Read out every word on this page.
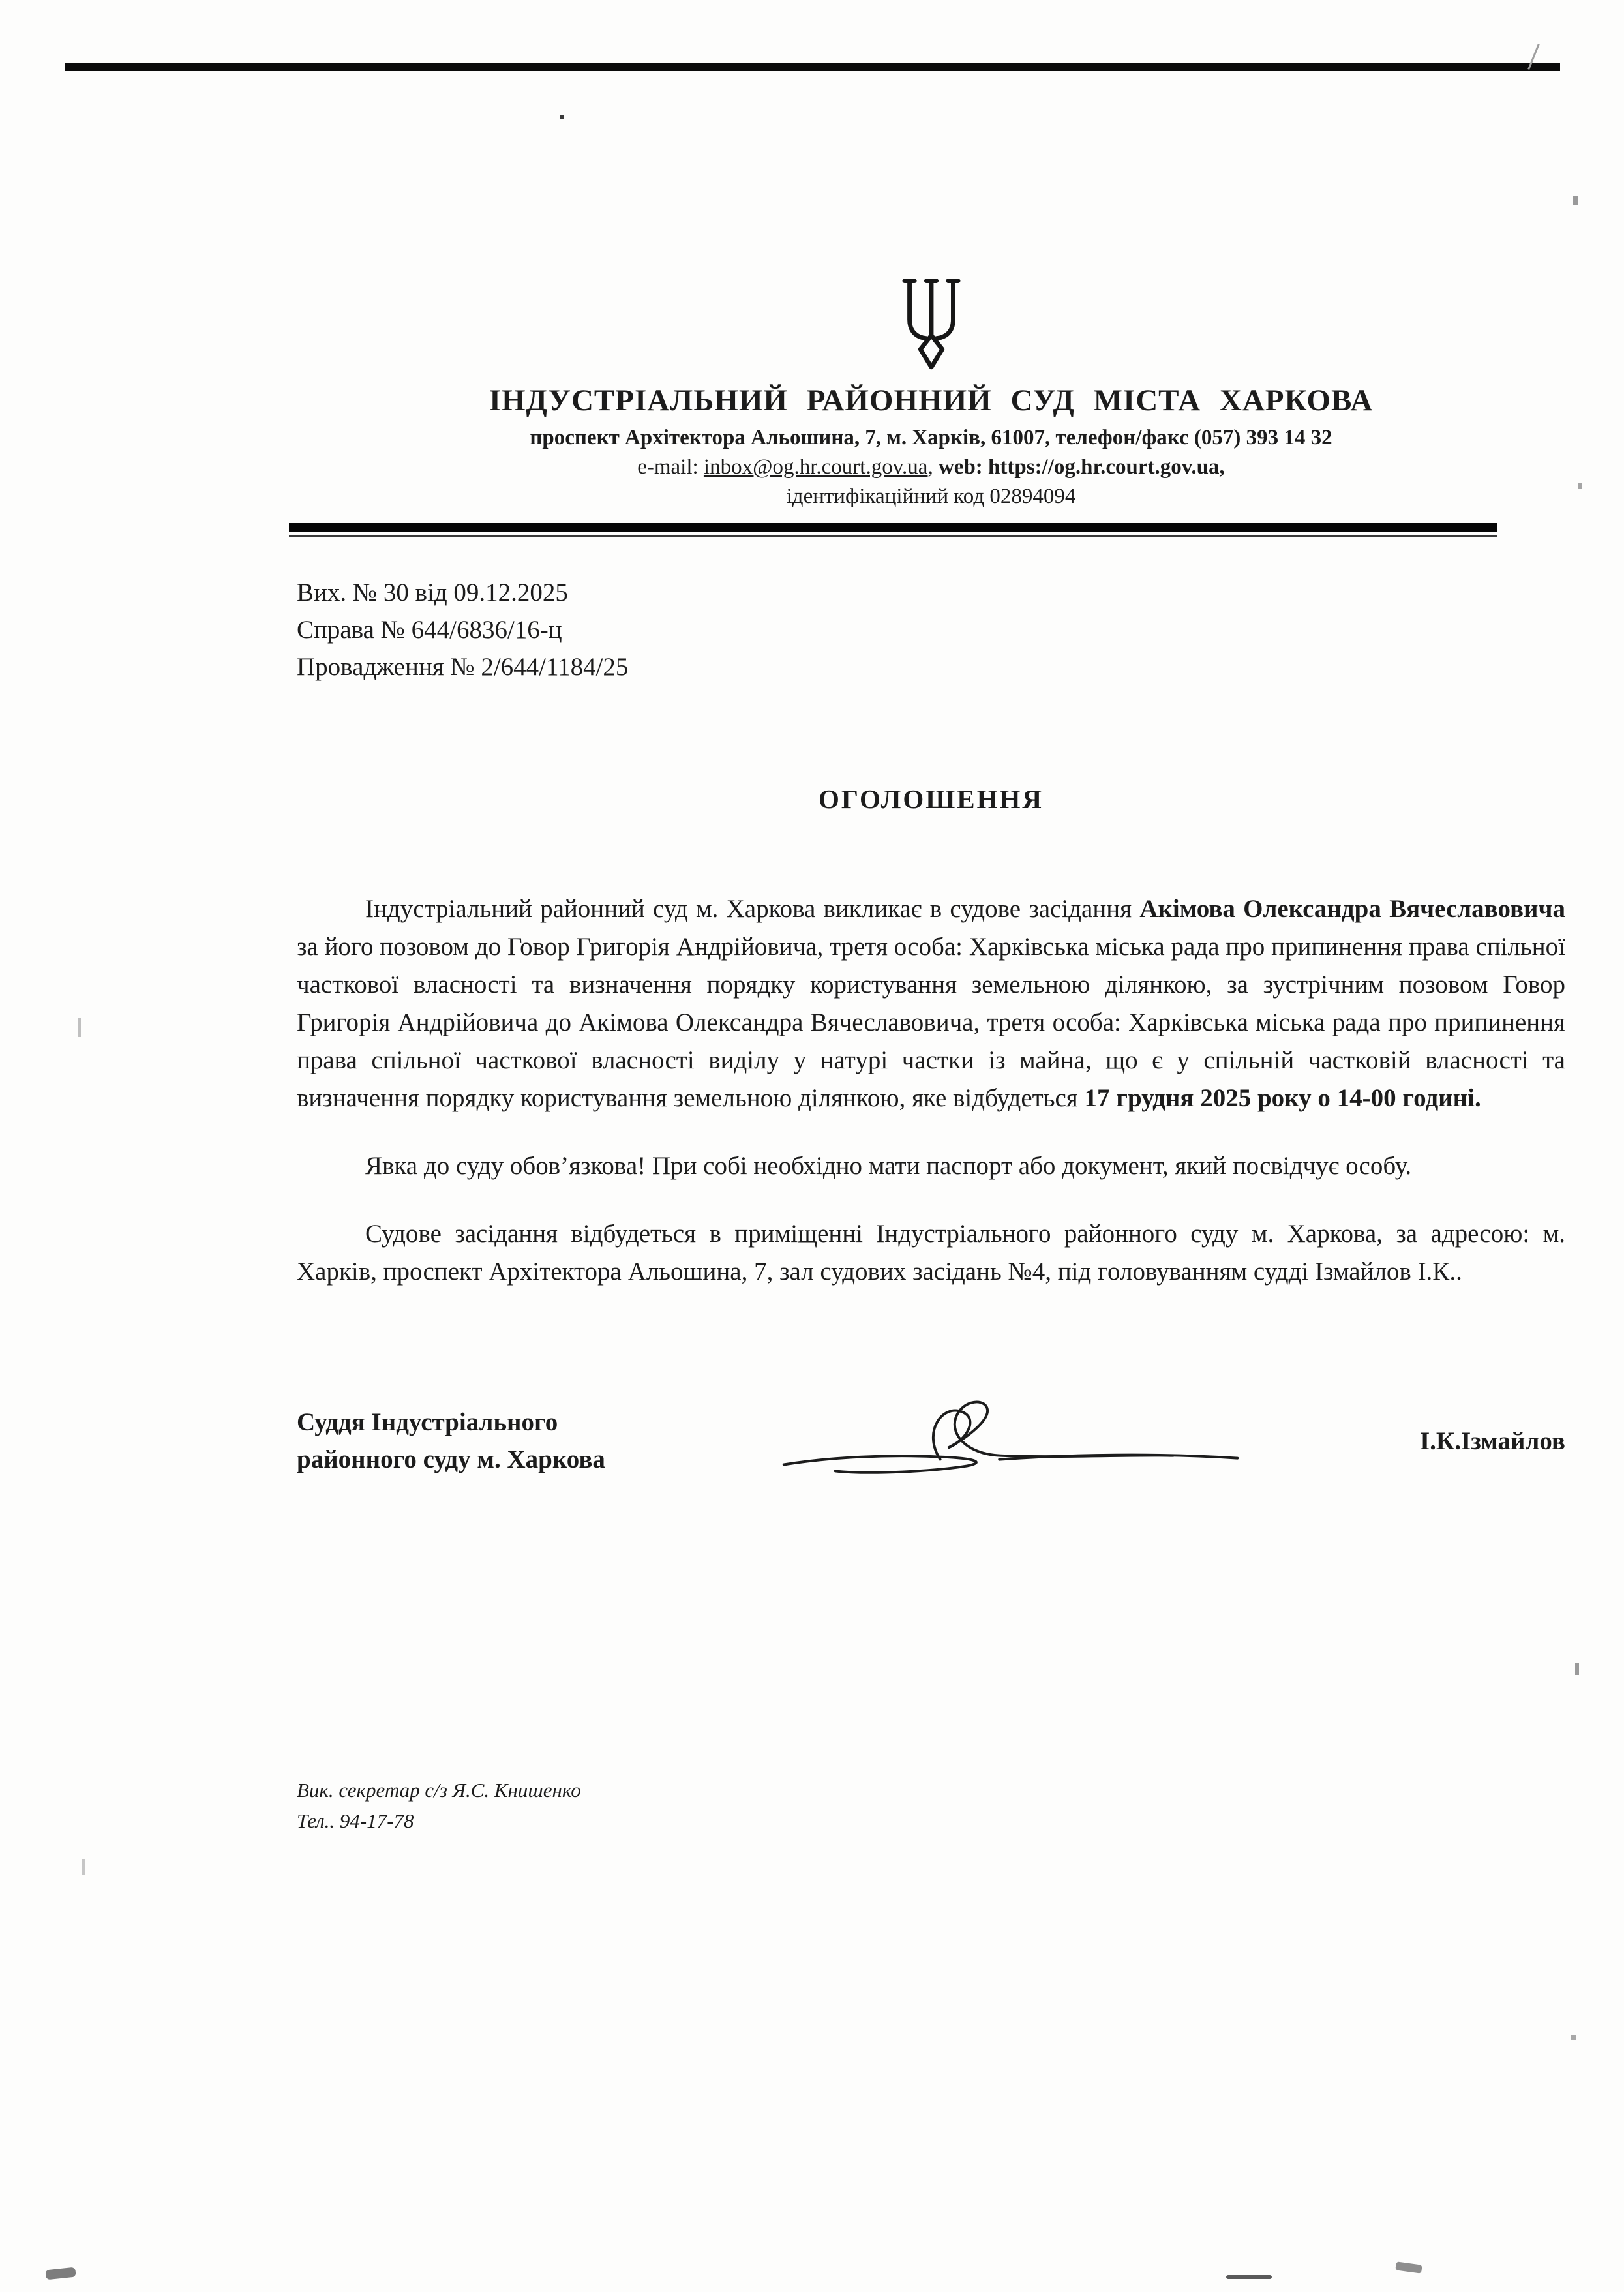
ІНДУСТРІАЛЬНИЙ РАЙОННИЙ СУД МІСТА ХАРКОВА
проспект Архітектора Альошина, 7, м. Харків, 61007, телефон/факс (057) 393 14 32
e-mail: inbox@og.hr.court.gov.ua, web: https://og.hr.court.gov.ua,
ідентифікаційний код 02894094
Вих. № 30 від 09.12.2025
Справа № 644/6836/16-ц
Провадження № 2/644/1184/25
ОГОЛОШЕННЯ

Індустріальний районний суд м. Харкова викликає в судове засідання Акімова Олександра Вячеславовича за його позовом до Говор Григорія Андрійовича, третя особа: Харківська міська рада про припинення права спільної часткової власності та визначення порядку користування земельною ділянкою, за зустрічним позовом Говор Григорія Андрійовича до Акімова Олександра Вячеславовича, третя особа: Харківська міська рада про припинення права спільної часткової власності виділу у натурі частки із майна, що є у спільній частковій власності та визначення порядку користування земельною ділянкою, яке відбудеться 17 грудня 2025 року о 14-00 годині.

Явка до суду обов’язкова! При собі необхідно мати паспорт або документ, який посвідчує особу.

Судове засідання відбудеться в приміщенні Індустріального районного суду м. Харкова, за адресою: м. Харків, проспект Архітектора Альошина, 7, зал судових засідань №4, під головуванням судді Ізмайлов І.К..

Суддя Індустріального
районного суду м. Харкова
І.К.Ізмайлов
Вик. секретар с/з Я.С. Книшенко
Тел.. 94-17-78
